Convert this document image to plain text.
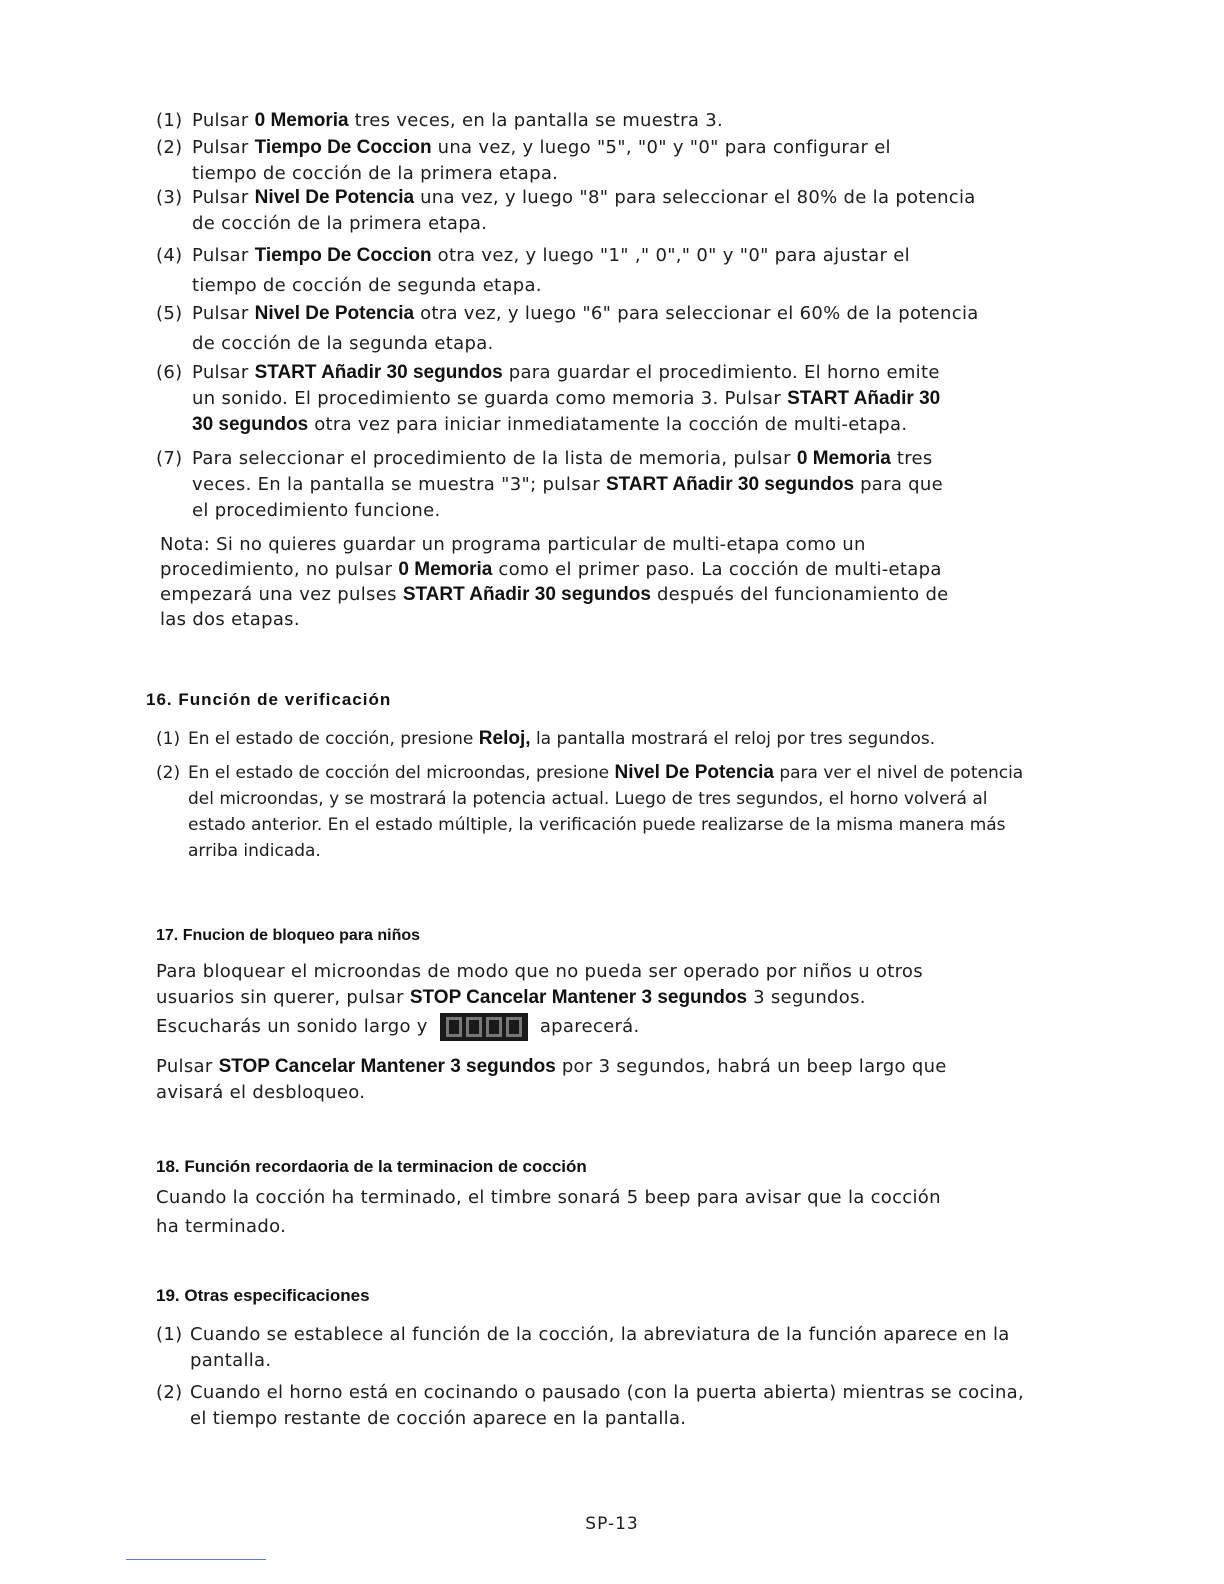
(1) Pulsar 0 Memoria tres veces, en la pantalla se muestra 3.
(2) Pulsar Tiempo De Coccion una vez, y luego "5", "0" y "0" para configurar el
tiempo de cocción de la primera etapa.
(3) Pulsar Nivel De Potencia una vez, y luego "8" para seleccionar el 80% de la potencia
de cocción de la primera etapa.
(4) Pulsar Tiempo De Coccion otra vez, y luego "1" ," 0"," 0" y "0" para ajustar el
tiempo de cocción de segunda etapa.
(5) Pulsar Nivel De Potencia otra vez, y luego "6" para seleccionar el 60% de la potencia
de cocción de la segunda etapa.
(6) Pulsar START Añadir 30 segundos para guardar el procedimiento. El horno emite
un sonido. El procedimiento se guarda como memoria 3. Pulsar START Añadir 30
30 segundos otra vez para iniciar inmediatamente la cocción de multi-etapa.
(7) Para seleccionar el procedimiento de la lista de memoria, pulsar 0 Memoria tres
veces. En la pantalla se muestra "3"; pulsar START Añadir 30 segundos para que
el procedimiento funcione.
Nota: Si no quieres guardar un programa particular de multi-etapa como un
procedimiento, no pulsar 0 Memoria como el primer paso. La cocción de multi-etapa
empezará una vez pulses START Añadir 30 segundos después del funcionamiento de
las dos etapas.
16. Función de verificación
(1) En el estado de cocción, presione Reloj, la pantalla mostrará el reloj por tres segundos.
(2) En el estado de cocción del microondas, presione Nivel De Potencia para ver el nivel de potencia
del microondas, y se mostrará la potencia actual. Luego de tres segundos, el horno volverá al
estado anterior. En el estado múltiple, la verificación puede realizarse de la misma manera más
arriba indicada.
17. Fnucion de bloqueo para niños
Para bloquear el microondas de modo que no pueda ser operado por niños u otros
usuarios sin querer, pulsar STOP Cancelar Mantener 3 segundos 3 segundos.
Escucharás un sonido largo y	aparecerá.
Pulsar STOP Cancelar Mantener 3 segundos por 3 segundos, habrá un beep largo que
avisará el desbloqueo.
18. Función recordaoria de la terminacion de cocción
Cuando la cocción ha terminado, el timbre sonará 5 beep para avisar que la cocción
ha terminado.
19. Otras especificaciones
(1) Cuando se establece al función de la cocción, la abreviatura de la función aparece en la
pantalla.
(2) Cuando el horno está en cocinando o pausado (con la puerta abierta) mientras se cocina,
el tiempo restante de cocción aparece en la pantalla.
SP-13
